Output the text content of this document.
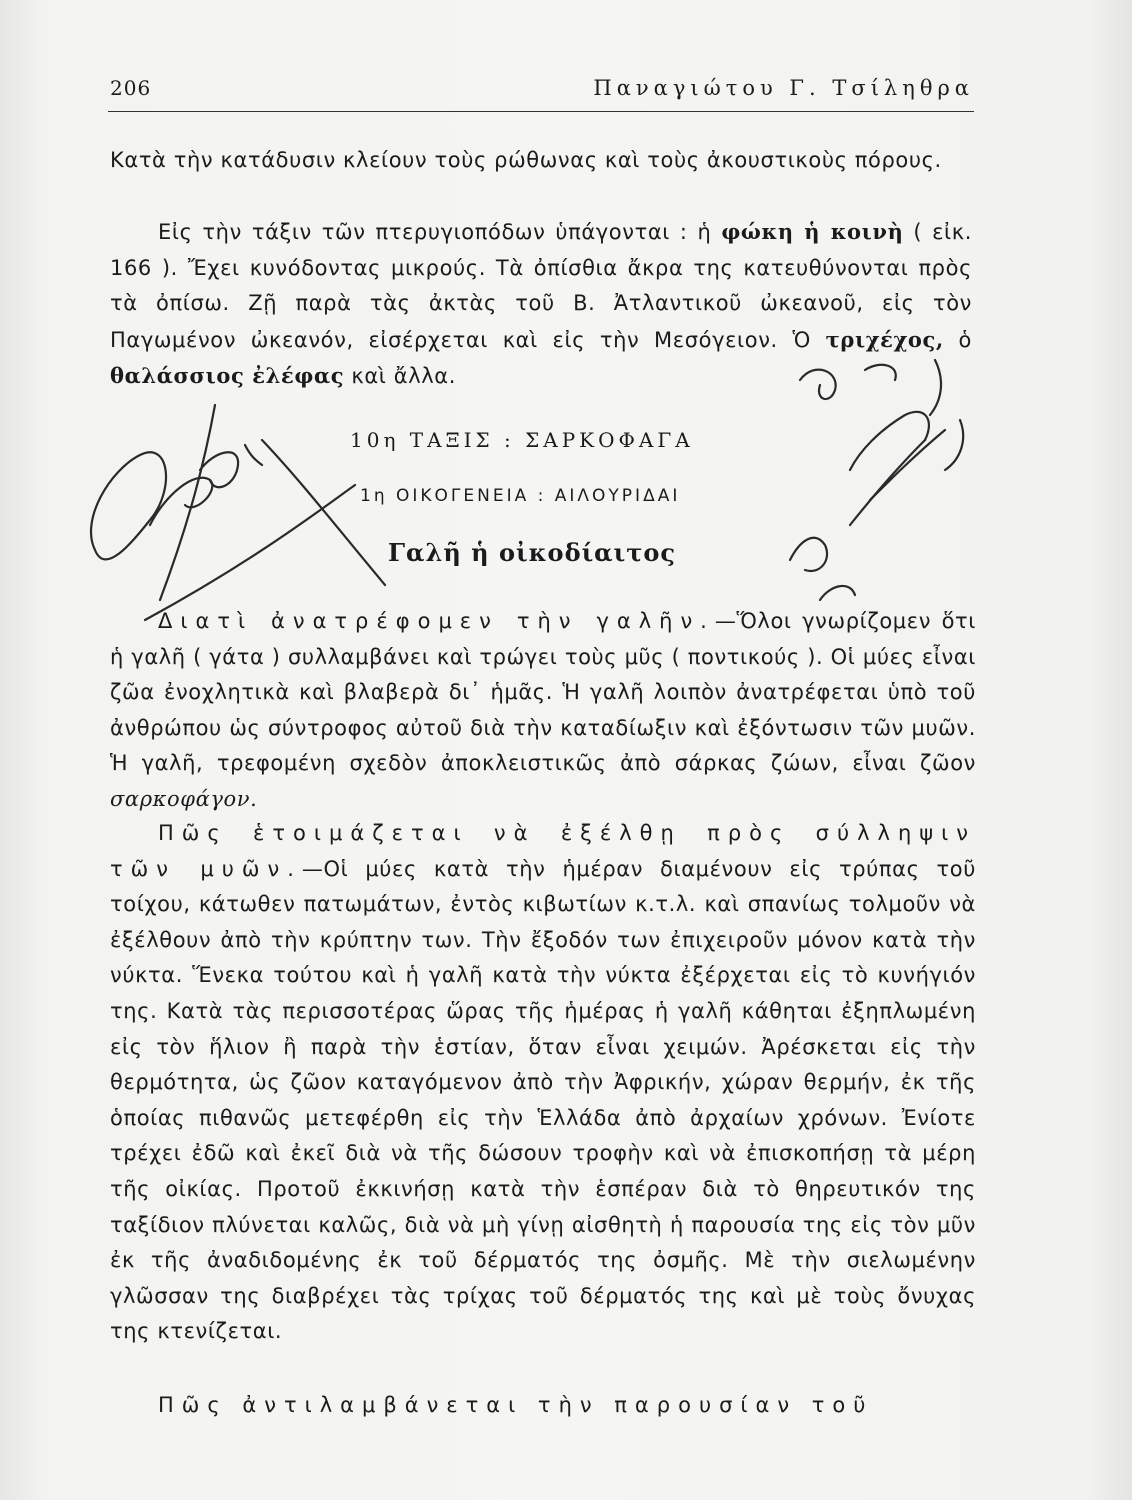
206	Παναγιώτου Γ. Τσίληθρα

Κατὰ τὴν κατάδυσιν κλείουν τοὺς ρώθωνας καὶ τοὺς ἀκουστικοὺς πόρους.

Εἰς τὴν τάξιν τῶν πτερυγιοπόδων ὑπάγονται : ἡ φώκη ἡ κοινὴ ( εἰκ. 166 ). Ἔχει κυνόδοντας μικρούς. Τὰ ὀπίσθια ἄκρα της κατευθύνονται πρὸς τὰ ὀπίσω. Ζῇ παρὰ τὰς ἀκτὰς τοῦ Β. Ἀτλαντικοῦ ὠκεανοῦ, εἰς τὸν Παγωμένον ὠκεανόν, εἰσέρχεται καὶ εἰς τὴν Μεσόγειον. Ὁ τριχέχος, ὁ θαλάσσιος ἐλέφας καὶ ἄλλα.

10η ΤΑΞΙΣ : ΣΑΡΚΟΦΑΓΑ
1η ΟΙΚΟΓΕΝΕΙΑ : ΑΙΛΟΥΡΙΔΑΙ
Γαλῆ ἡ οἰκοδίαιτος

Διατὶ ἀνατρέφομεν τὴν γαλῆν.—Ὅλοι γνωρίζομεν ὅτι ἡ γαλῆ ( γάτα ) συλλαμβάνει καὶ τρώγει τοὺς μῦς ( ποντικούς ). Οἱ μύες εἶναι ζῶα ἐνοχλητικὰ καὶ βλαβερὰ δι᾽ ἡμᾶς. Ἡ γαλῆ λοιπὸν ἀνατρέφεται ὑπὸ τοῦ ἀνθρώπου ὡς σύντροφος αὐτοῦ διὰ τὴν καταδίωξιν καὶ ἐξόντωσιν τῶν μυῶν. Ἡ γαλῆ, τρεφομένη σχεδὸν ἀποκλειστικῶς ἀπὸ σάρκας ζώων, εἶναι ζῶον σαρκοφάγον.

Πῶς ἑτοιμάζεται νὰ ἐξέλθῃ πρὸς σύλληψιν τῶν μυῶν.—Οἱ μύες κατὰ τὴν ἡμέραν διαμένουν εἰς τρύπας τοῦ τοίχου, κάτωθεν πατωμάτων, ἐντὸς κιβωτίων κ.τ.λ. καὶ σπανίως τολμοῦν νὰ ἐξέλθουν ἀπὸ τὴν κρύπτην των. Τὴν ἔξοδόν των ἐπιχειροῦν μόνον κατὰ τὴν νύκτα. Ἕνεκα τούτου καὶ ἡ γαλῆ κατὰ τὴν νύκτα ἐξέρχεται εἰς τὸ κυνήγιόν της. Κατὰ τὰς περισσοτέρας ὥρας τῆς ἡμέρας ἡ γαλῆ κάθηται ἐξηπλωμένη εἰς τὸν ἥλιον ἢ παρὰ τὴν ἑστίαν, ὅταν εἶναι χειμών. Ἀρέσκεται εἰς τὴν θερμότητα, ὡς ζῶον καταγόμενον ἀπὸ τὴν Ἀφρικήν, χώραν θερμήν, ἐκ τῆς ὁποίας πιθανῶς μετεφέρθη εἰς τὴν Ἑλλάδα ἀπὸ ἀρχαίων χρόνων. Ἐνίοτε τρέχει ἐδῶ καὶ ἐκεῖ διὰ νὰ τῆς δώσουν τροφὴν καὶ νὰ ἐπισκοπήσῃ τὰ μέρη τῆς οἰκίας. Προτοῦ ἐκκινήσῃ κατὰ τὴν ἑσπέραν διὰ τὸ θηρευτικόν της ταξίδιον πλύνεται καλῶς, διὰ νὰ μὴ γίνῃ αἰσθητὴ ἡ παρουσία της εἰς τὸν μῦν ἐκ τῆς ἀναδιδομένης ἐκ τοῦ δέρματός της ὀσμῆς. Μὲ τὴν σιελωμένην γλῶσσαν της διαβρέχει τὰς τρίχας τοῦ δέρματός της καὶ μὲ τοὺς ὄνυχας της κτενίζεται.

Πῶς ἀντιλαμβάνεται τὴν παρουσίαν τοῦ
